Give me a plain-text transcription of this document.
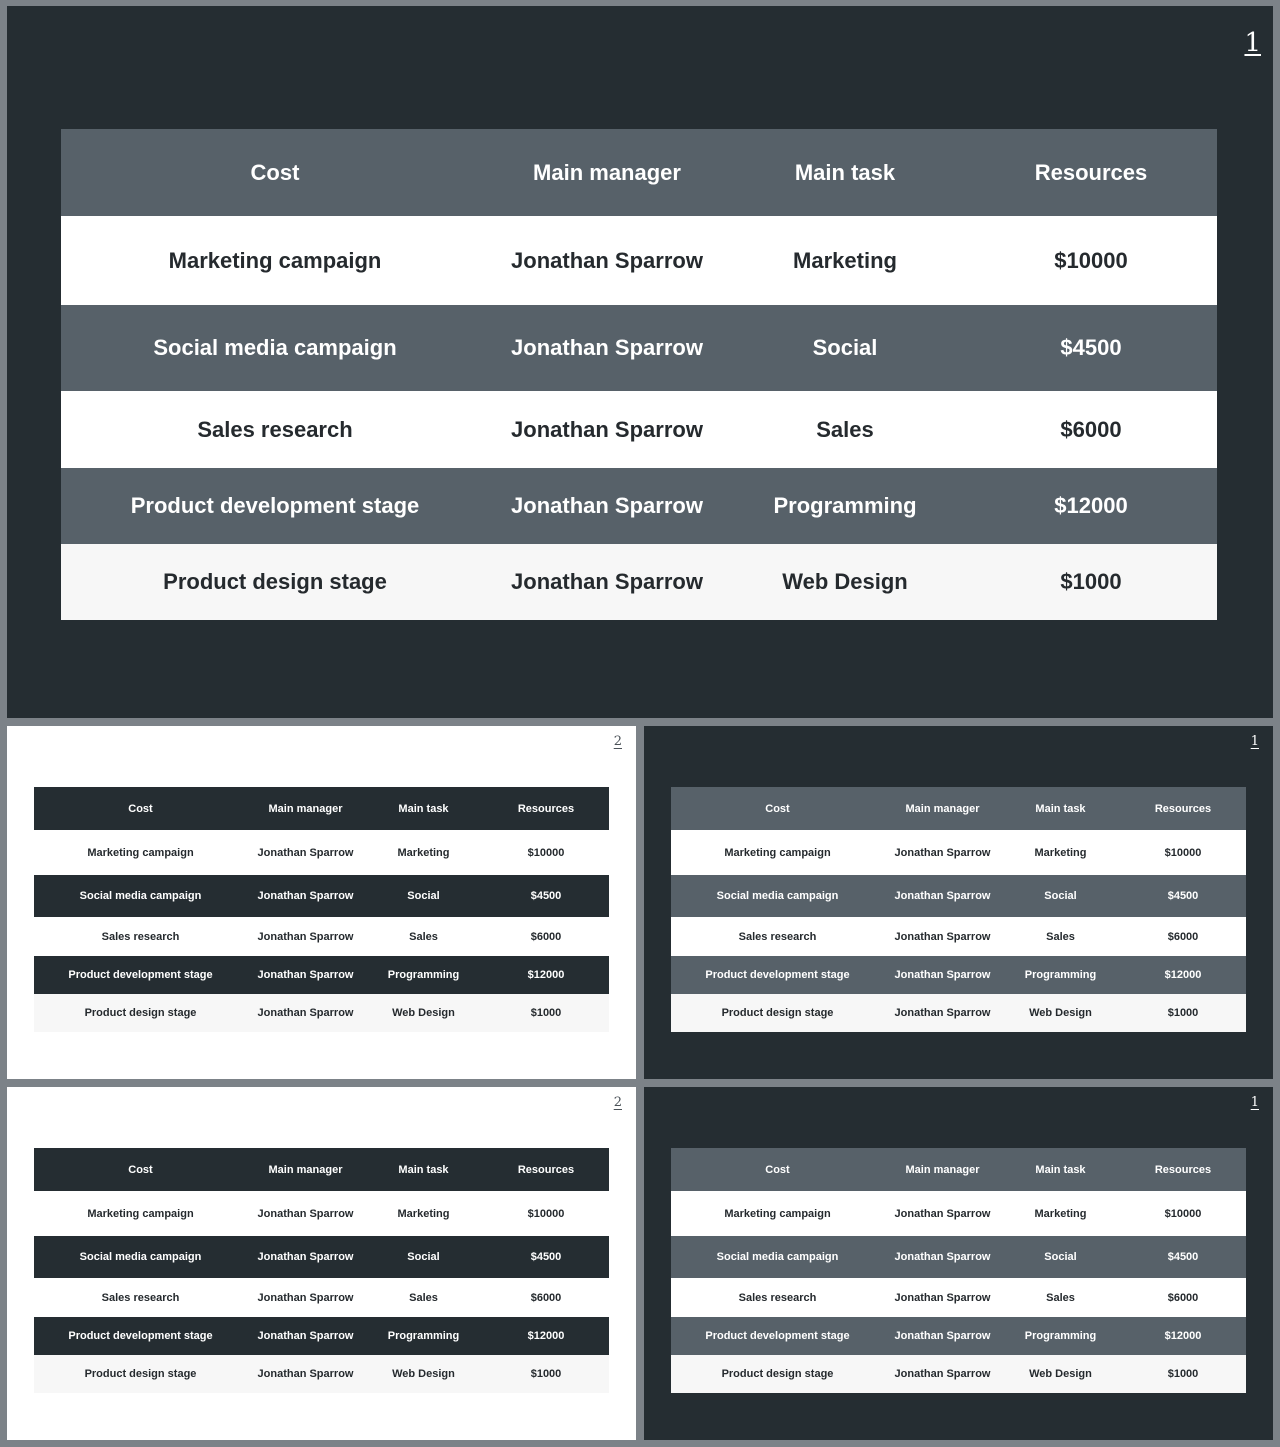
1
Cost	Main manager	Main task	Resources
Marketing campaign	Jonathan Sparrow	Marketing	$10000
Social media campaign	Jonathan Sparrow	Social	$4500
Sales research	Jonathan Sparrow	Sales	$6000
Product development stage	Jonathan Sparrow	Programming	$12000
Product design stage	Jonathan Sparrow	Web Design	$1000
2
Cost	Main manager	Main task	Resources
Marketing campaign	Jonathan Sparrow	Marketing	$10000
Social media campaign	Jonathan Sparrow	Social	$4500
Sales research	Jonathan Sparrow	Sales	$6000
Product development stage	Jonathan Sparrow	Programming	$12000
Product design stage	Jonathan Sparrow	Web Design	$1000
1
Cost	Main manager	Main task	Resources
Marketing campaign	Jonathan Sparrow	Marketing	$10000
Social media campaign	Jonathan Sparrow	Social	$4500
Sales research	Jonathan Sparrow	Sales	$6000
Product development stage	Jonathan Sparrow	Programming	$12000
Product design stage	Jonathan Sparrow	Web Design	$1000
2
Cost	Main manager	Main task	Resources
Marketing campaign	Jonathan Sparrow	Marketing	$10000
Social media campaign	Jonathan Sparrow	Social	$4500
Sales research	Jonathan Sparrow	Sales	$6000
Product development stage	Jonathan Sparrow	Programming	$12000
Product design stage	Jonathan Sparrow	Web Design	$1000
1
Cost	Main manager	Main task	Resources
Marketing campaign	Jonathan Sparrow	Marketing	$10000
Social media campaign	Jonathan Sparrow	Social	$4500
Sales research	Jonathan Sparrow	Sales	$6000
Product development stage	Jonathan Sparrow	Programming	$12000
Product design stage	Jonathan Sparrow	Web Design	$1000
